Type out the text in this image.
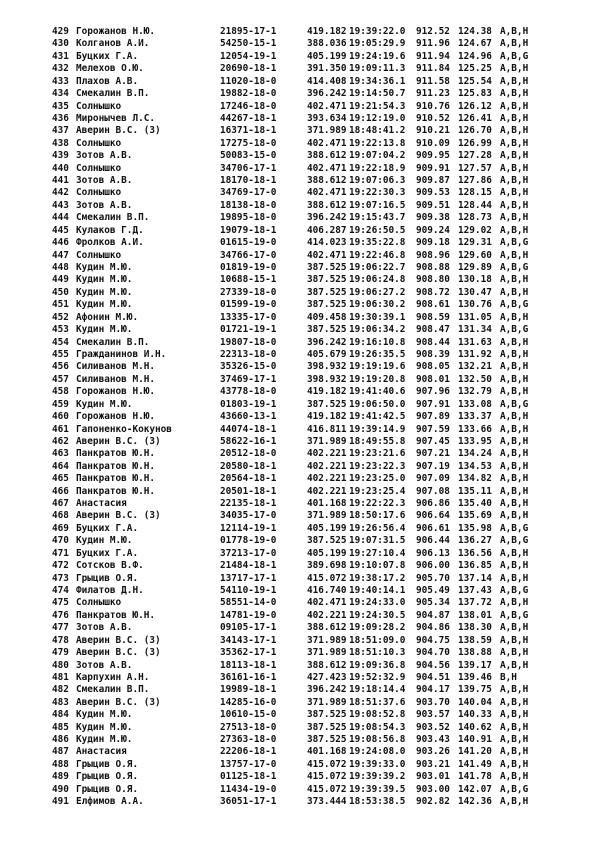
429	Горожанов Н.Ю.	21895-17-1	419.182	19:39:22.0	912.52	124.38	A,B,H
430	Колганов А.И.	54250-15-1	388.036	19:05:29.9	911.96	124.67	A,B,H
431	Буцких Г.А.	12054-19-1	405.199	19:24:19.6	911.94	124.96	A,B,G
432	Мелехов О.Ю.	20690-18-1	391.350	19:09:11.3	911.84	125.25	A,B,H
433	Плахов А.В.	11020-18-0	414.408	19:34:36.1	911.58	125.54	A,B,H
434	Смекалин В.П.	19882-18-0	396.242	19:14:50.7	911.23	125.83	A,B,H
435	Солнышко	17246-18-0	402.471	19:21:54.3	910.76	126.12	A,B,H
436	Миронычев Л.С.	44267-18-1	393.634	19:12:19.0	910.52	126.41	A,B,H
437	Аверин В.С. (З)	16371-18-1	371.989	18:48:41.2	910.21	126.70	A,B,H
438	Солнышко	17275-18-0	402.471	19:22:13.8	910.09	126.99	A,B,H
439	Зотов А.В.	50083-15-0	388.612	19:07:04.2	909.95	127.28	A,B,H
440	Солнышко	34706-17-1	402.471	19:22:18.9	909.91	127.57	A,B,H
441	Зотов А.В.	18170-18-1	388.612	19:07:06.3	909.87	127.86	A,B,H
442	Солнышко	34769-17-0	402.471	19:22:30.3	909.53	128.15	A,B,H
443	Зотов А.В.	18138-18-0	388.612	19:07:16.5	909.51	128.44	A,B,H
444	Смекалин В.П.	19895-18-0	396.242	19:15:43.7	909.38	128.73	A,B,H
445	Кулаков Г.Д.	19079-18-1	406.287	19:26:50.5	909.24	129.02	A,B,H
446	Фролков А.И.	01615-19-0	414.023	19:35:22.8	909.18	129.31	A,B,G
447	Солнышко	34766-17-0	402.471	19:22:46.8	908.96	129.60	A,B,H
448	Кудин М.Ю.	01819-19-0	387.525	19:06:22.7	908.88	129.89	A,B,G
449	Кудин М.Ю.	10688-15-1	387.525	19:06:24.8	908.80	130.18	A,B,H
450	Кудин М.Ю.	27339-18-0	387.525	19:06:27.2	908.72	130.47	A,B,H
451	Кудин М.Ю.	01599-19-0	387.525	19:06:30.2	908.61	130.76	A,B,G
452	Афонин М.Ю.	13335-17-0	409.458	19:30:39.1	908.59	131.05	A,B,H
453	Кудин М.Ю.	01721-19-1	387.525	19:06:34.2	908.47	131.34	A,B,G
454	Смекалин В.П.	19807-18-0	396.242	19:16:10.8	908.44	131.63	A,B,H
455	Гражданинов И.Н.	22313-18-0	405.679	19:26:35.5	908.39	131.92	A,B,H
456	Силиванов М.Н.	35326-15-0	398.932	19:19:19.6	908.05	132.21	A,B,H
457	Силиванов М.Н.	37469-17-1	398.932	19:19:20.8	908.01	132.50	A,B,H
458	Горожанов Н.Ю.	43778-18-0	419.182	19:41:40.6	907.96	132.79	A,B,H
459	Кудин М.Ю.	01803-19-1	387.525	19:06:50.0	907.91	133.08	A,B,G
460	Горожанов Н.Ю.	43660-13-1	419.182	19:41:42.5	907.89	133.37	A,B,H
461	Гапоненко-Кокунов	44074-18-1	416.811	19:39:14.9	907.59	133.66	A,B,H
462	Аверин В.С. (З)	58622-16-1	371.989	18:49:55.8	907.45	133.95	A,B,H
463	Панкратов Ю.Н.	20512-18-0	402.221	19:23:21.6	907.21	134.24	A,B,H
464	Панкратов Ю.Н.	20580-18-1	402.221	19:23:22.3	907.19	134.53	A,B,H
465	Панкратов Ю.Н.	20564-18-1	402.221	19:23:25.0	907.09	134.82	A,B,H
466	Панкратов Ю.Н.	20501-18-1	402.221	19:23:25.4	907.08	135.11	A,B,H
467	Анастасия	22135-18-1	401.168	19:22:22.3	906.86	135.40	A,B,H
468	Аверин В.С. (З)	34035-17-0	371.989	18:50:17.6	906.64	135.69	A,B,H
469	Буцких Г.А.	12114-19-1	405.199	19:26:56.4	906.61	135.98	A,B,G
470	Кудин М.Ю.	01778-19-0	387.525	19:07:31.5	906.44	136.27	A,B,G
471	Буцких Г.А.	37213-17-0	405.199	19:27:10.4	906.13	136.56	A,B,H
472	Сотсков В.Ф.	21484-18-1	389.698	19:10:07.8	906.00	136.85	A,B,H
473	Грыцив О.Я.	13717-17-1	415.072	19:38:17.2	905.70	137.14	A,B,H
474	Филатов Д.Н.	54110-19-1	416.740	19:40:14.1	905.49	137.43	A,B,G
475	Солнышко	58551-14-0	402.471	19:24:33.0	905.34	137.72	A,B,H
476	Панкратов Ю.Н.	14781-19-0	402.221	19:24:30.5	904.87	138.01	A,B,G
477	Зотов А.В.	09105-17-1	388.612	19:09:28.2	904.86	138.30	A,B,H
478	Аверин В.С. (З)	34143-17-1	371.989	18:51:09.0	904.75	138.59	A,B,H
479	Аверин В.С. (З)	35362-17-1	371.989	18:51:10.3	904.70	138.88	A,B,H
480	Зотов А.В.	18113-18-1	388.612	19:09:36.8	904.56	139.17	A,B,H
481	Карпухин А.Н.	36161-16-1	427.423	19:52:32.9	904.51	139.46	B,H
482	Смекалин В.П.	19989-18-1	396.242	19:18:14.4	904.17	139.75	A,B,H
483	Аверин В.С. (З)	14285-16-0	371.989	18:51:37.6	903.70	140.04	A,B,H
484	Кудин М.Ю.	10610-15-0	387.525	19:08:52.8	903.57	140.33	A,B,H
485	Кудин М.Ю.	27513-18-0	387.525	19:08:54.3	903.52	140.62	A,B,H
486	Кудин М.Ю.	27363-18-0	387.525	19:08:56.8	903.43	140.91	A,B,H
487	Анастасия	22206-18-1	401.168	19:24:08.0	903.26	141.20	A,B,H
488	Грыцив О.Я.	13757-17-0	415.072	19:39:33.0	903.21	141.49	A,B,H
489	Грыцив О.Я.	01125-18-1	415.072	19:39:39.2	903.01	141.78	A,B,H
490	Грыцив О.Я.	11434-19-0	415.072	19:39:39.5	903.00	142.07	A,B,G
491	Елфимов А.А.	36051-17-1	373.444	18:53:38.5	902.82	142.36	A,B,H
